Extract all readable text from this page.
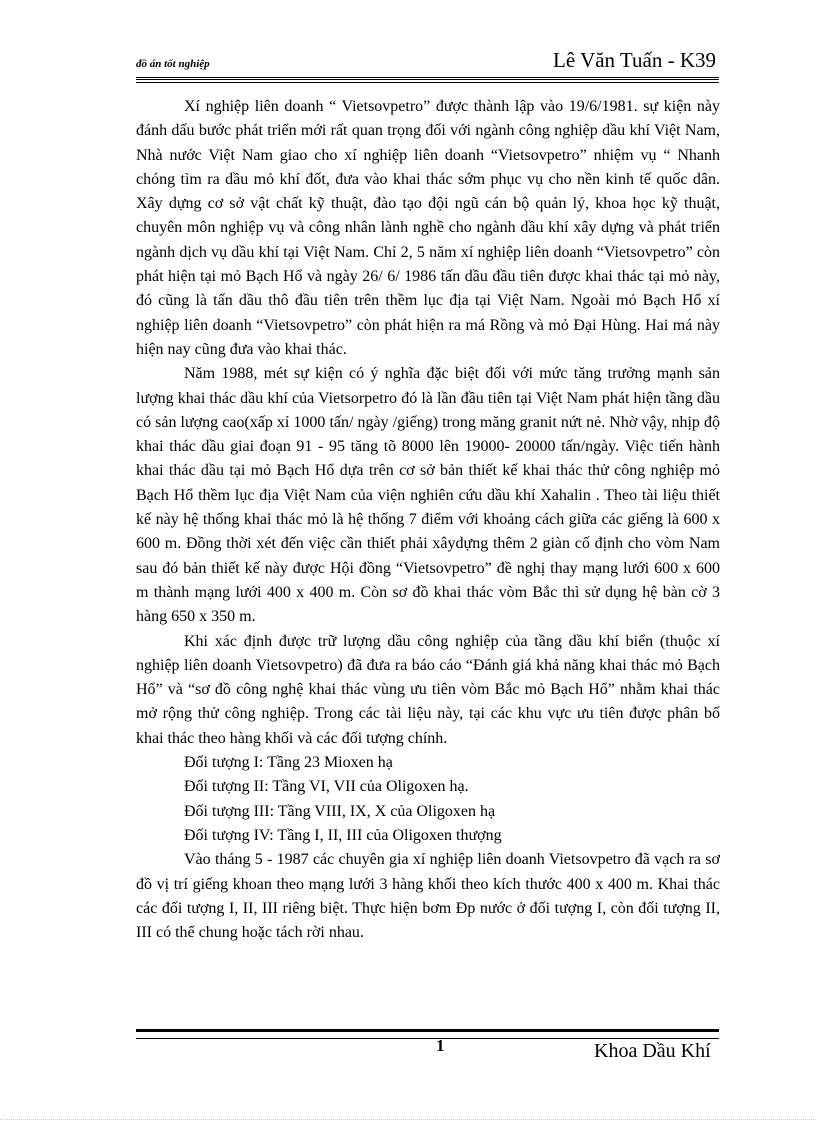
đồ án tốt nghiệp	Lê Văn Tuấn - K39

Xí nghiệp liên doanh “ Vietsovpetro” được thành lập vào 19/6/1981. sự kiện này đánh dấu bước phát triển mới rất quan trọng đối với ngành công nghiệp dầu khí Việt Nam, Nhà nước Việt Nam giao cho xí nghiệp liên doanh “Vietsovpetro” nhiệm vụ “ Nhanh chóng tìm ra dầu mỏ khí đốt, đưa vào khai thác sớm phục vụ cho nền kinh tế quốc dân. Xây dựng cơ sở vật chất kỹ thuật, đào tạo đội ngũ cán bộ quản lý, khoa học kỹ thuật, chuyên môn nghiệp vụ và công nhân lành nghề cho ngành dầu khí xây dựng và phát triển ngành dịch vụ dầu khí tại Việt Nam. Chỉ 2, 5 năm xí nghiệp liên doanh “Vietsovpetro” còn phát hiện tại mỏ Bạch Hổ và ngày 26/ 6/ 1986 tấn dầu đầu tiên được khai thác tại mỏ này, đó cũng là tấn dầu thô đầu tiên trên thềm lục địa tại Việt Nam. Ngoài mỏ Bạch Hổ xí nghiệp liên doanh “Vietsovpetro” còn phát hiện ra má Rồng và mỏ Đại Hùng. Hai má này hiện nay cũng đưa vào khai thác.

Năm 1988, mét sự kiện có ý nghĩa đặc biệt đối với mức tăng trưởng mạnh sản lượng khai thác dầu khí của Vietsorpetro đó là lần đầu tiên tại Việt Nam phát hiện tầng dầu có sản lượng cao(xấp xỉ 1000 tấn/ ngày /giếng) trong măng granit nứt nẻ. Nhờ vậy, nhịp độ khai thác dầu giai đoạn 91 - 95 tăng tõ 8000 lên 19000- 20000 tấn/ngày. Việc tiến hành khai thác dầu tại mỏ Bạch Hổ dựa trên cơ sở bản thiết kế khai thác thử công nghiệp mỏ Bạch Hổ thềm lục địa Việt Nam của viện nghiên cứu dầu khí Xahalin . Theo tài liệu thiết kế này hệ thống khai thác mỏ là hệ thống 7 điểm với khoảng cách giữa các giếng là 600 x 600 m. Đồng thời xét đến việc cần thiết phải xâydựng thêm 2 giàn cố định cho vòm Nam sau đó bản thiết kế này được Hội đồng “Vietsovpetro” đề nghị thay mạng lưới 600 x 600 m thành mạng lưới 400 x 400 m. Còn sơ đồ khai thác vòm Bắc thì sử dụng hệ bàn cờ 3 hàng 650 x 350 m.

Khi xác định được trữ lượng dầu công nghiệp của tầng dầu khí biển (thuộc xí nghiệp liên doanh Vietsovpetro) đã đưa ra báo cáo “Đánh giá khả năng khai thác mỏ Bạch Hổ” và “sơ đồ công nghệ khai thác vùng ưu tiên vòm Bắc mỏ Bạch Hổ” nhằm khai thác mở rộng thử công nghiệp. Trong các tài liệu này, tại các khu vực ưu tiên được phân bố khai thác theo hàng khối và các đối tượng chính.

Đối tượng I: Tầng 23 Mioxen hạ

Đối tượng II: Tầng VI, VII của Oligoxen hạ.

Đối tượng III: Tầng VIII, IX, X của Oligoxen hạ

Đối tượng IV: Tầng I, II, III của Oligoxen thượng

Vào tháng 5 - 1987 các chuyên gia xí nghiệp liên doanh Vietsovpetro đã vạch ra sơ đồ vị trí giếng khoan theo mạng lưới 3 hàng khối theo kích thước 400 x 400 m. Khai thác các đối tượng I, II, III riêng biệt. Thực hiện bơm Ðp nước ở đối tượng I, còn đối tượng II, III có thể chung hoặc tách rời nhau.

1	Khoa Dầu Khí
